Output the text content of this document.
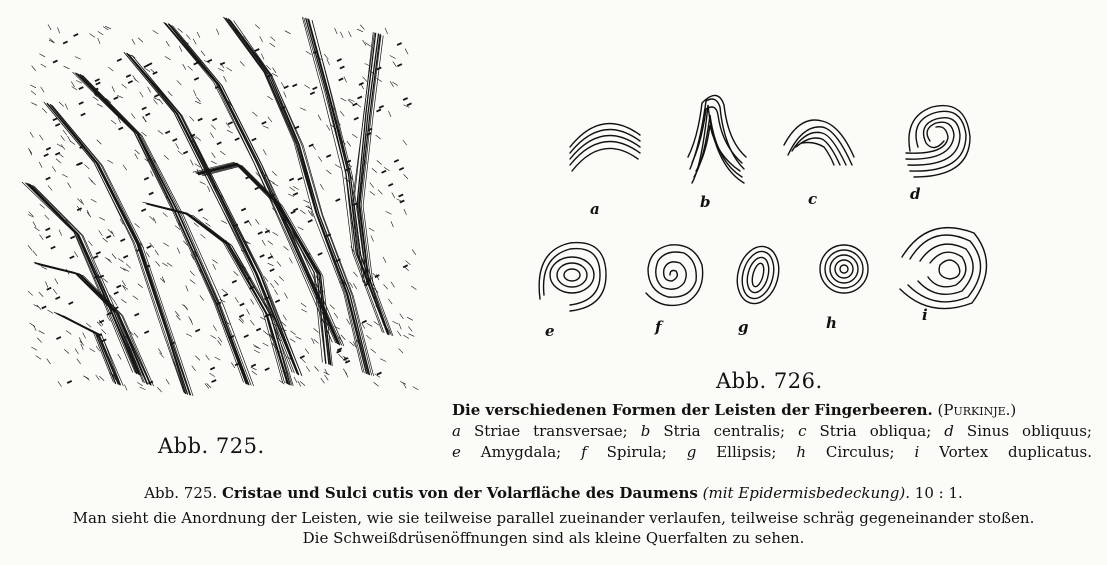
Abb. 725.
a	b	c	d
e	f	g	h	i
Abb. 726.
Die verschiedenen Formen der Leisten der Fingerbeeren. (Purkinje.)
a Striae transversae; b Stria centralis; c Stria obliqua; d Sinus obliquus;
e Amygdala; f Spirula; g Ellipsis; h Circulus; i Vortex duplicatus.
Abb. 725. Cristae und Sulci cutis von der Volarfläche des Daumens (mit Epidermisbedeckung). 10 : 1.
Man sieht die Anordnung der Leisten, wie sie teilweise parallel zueinander verlaufen, teilweise schräg gegeneinander stoßen.
Die Schweißdrüsenöffnungen sind als kleine Querfalten zu sehen.
